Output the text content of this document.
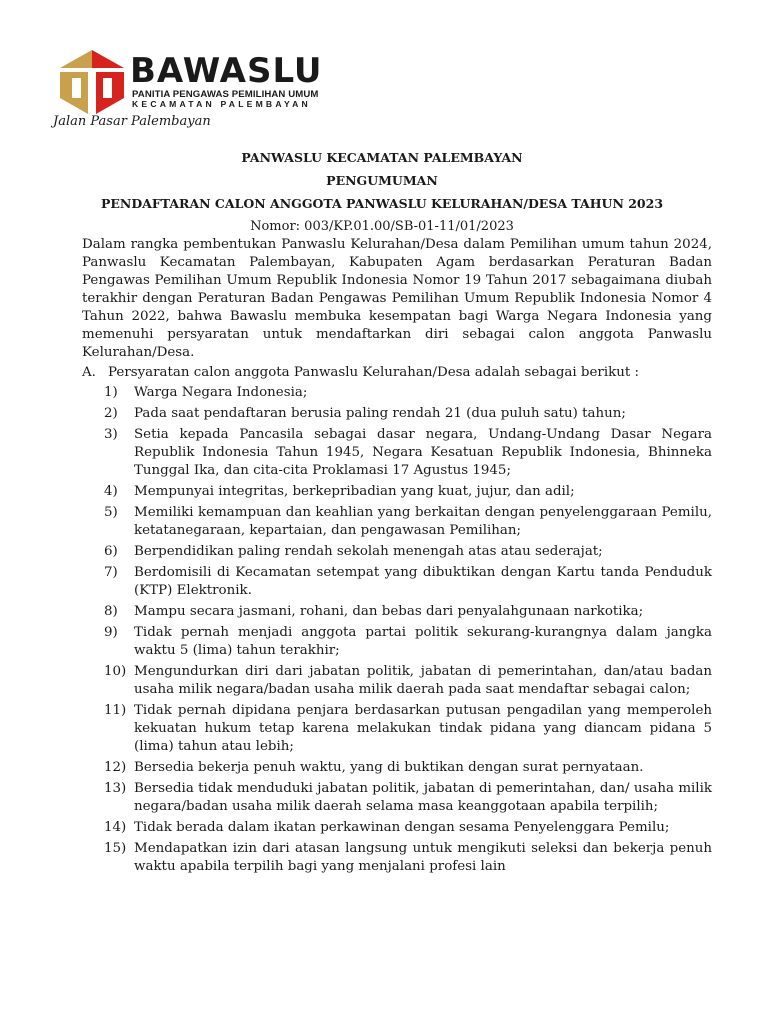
BAWASLU
PANITIA PENGAWAS PEMILIHAN UMUM
KECAMATAN PALEMBAYAN
Jalan Pasar Palembayan
PANWASLU KECAMATAN PALEMBAYAN
PENGUMUMAN
PENDAFTARAN CALON ANGGOTA PANWASLU KELURAHAN/DESA TAHUN 2023
Nomor: 003/KP.01.00/SB-01-11/01/2023

Dalam rangka pembentukan Panwaslu Kelurahan/Desa dalam Pemilihan umum tahun 2024, Panwaslu Kecamatan Palembayan, Kabupaten Agam berdasarkan Peraturan Badan Pengawas Pemilihan Umum Republik Indonesia Nomor 19 Tahun 2017 sebagaimana diubah terakhir dengan Peraturan Badan Pengawas Pemilihan Umum Republik Indonesia Nomor 4 Tahun 2022, bahwa Bawaslu membuka kesempatan bagi Warga Negara Indonesia yang memenuhi persyaratan untuk mendaftarkan diri sebagai calon anggota Panwaslu Kelurahan/Desa.

A. Persyaratan calon anggota Panwaslu Kelurahan/Desa adalah sebagai berikut :
1) Warga Negara Indonesia;
2) Pada saat pendaftaran berusia paling rendah 21 (dua puluh satu) tahun;
3) Setia kepada Pancasila sebagai dasar negara, Undang-Undang Dasar Negara Republik Indonesia Tahun 1945, Negara Kesatuan Republik Indonesia, Bhinneka Tunggal Ika, dan cita-cita Proklamasi 17 Agustus 1945;
4) Mempunyai integritas, berkepribadian yang kuat, jujur, dan adil;
5) Memiliki kemampuan dan keahlian yang berkaitan dengan penyelenggaraan Pemilu, ketatanegaraan, kepartaian, dan pengawasan Pemilihan;
6) Berpendidikan paling rendah sekolah menengah atas atau sederajat;
7) Berdomisili di Kecamatan setempat yang dibuktikan dengan Kartu tanda Penduduk (KTP) Elektronik.
8) Mampu secara jasmani, rohani, dan bebas dari penyalahgunaan narkotika;
9) Tidak pernah menjadi anggota partai politik sekurang-kurangnya dalam jangka waktu 5 (lima) tahun terakhir;
10) Mengundurkan diri dari jabatan politik, jabatan di pemerintahan, dan/atau badan usaha milik negara/badan usaha milik daerah pada saat mendaftar sebagai calon;
11) Tidak pernah dipidana penjara berdasarkan putusan pengadilan yang memperoleh kekuatan hukum tetap karena melakukan tindak pidana yang diancam pidana 5 (lima) tahun atau lebih;
12) Bersedia bekerja penuh waktu, yang di buktikan dengan surat pernyataan.
13) Bersedia tidak menduduki jabatan politik, jabatan di pemerintahan, dan/ usaha milik negara/badan usaha milik daerah selama masa keanggotaan apabila terpilih;
14) Tidak berada dalam ikatan perkawinan dengan sesama Penyelenggara Pemilu;
15) Mendapatkan izin dari atasan langsung untuk mengikuti seleksi dan bekerja penuh waktu apabila terpilih bagi yang menjalani profesi lain
